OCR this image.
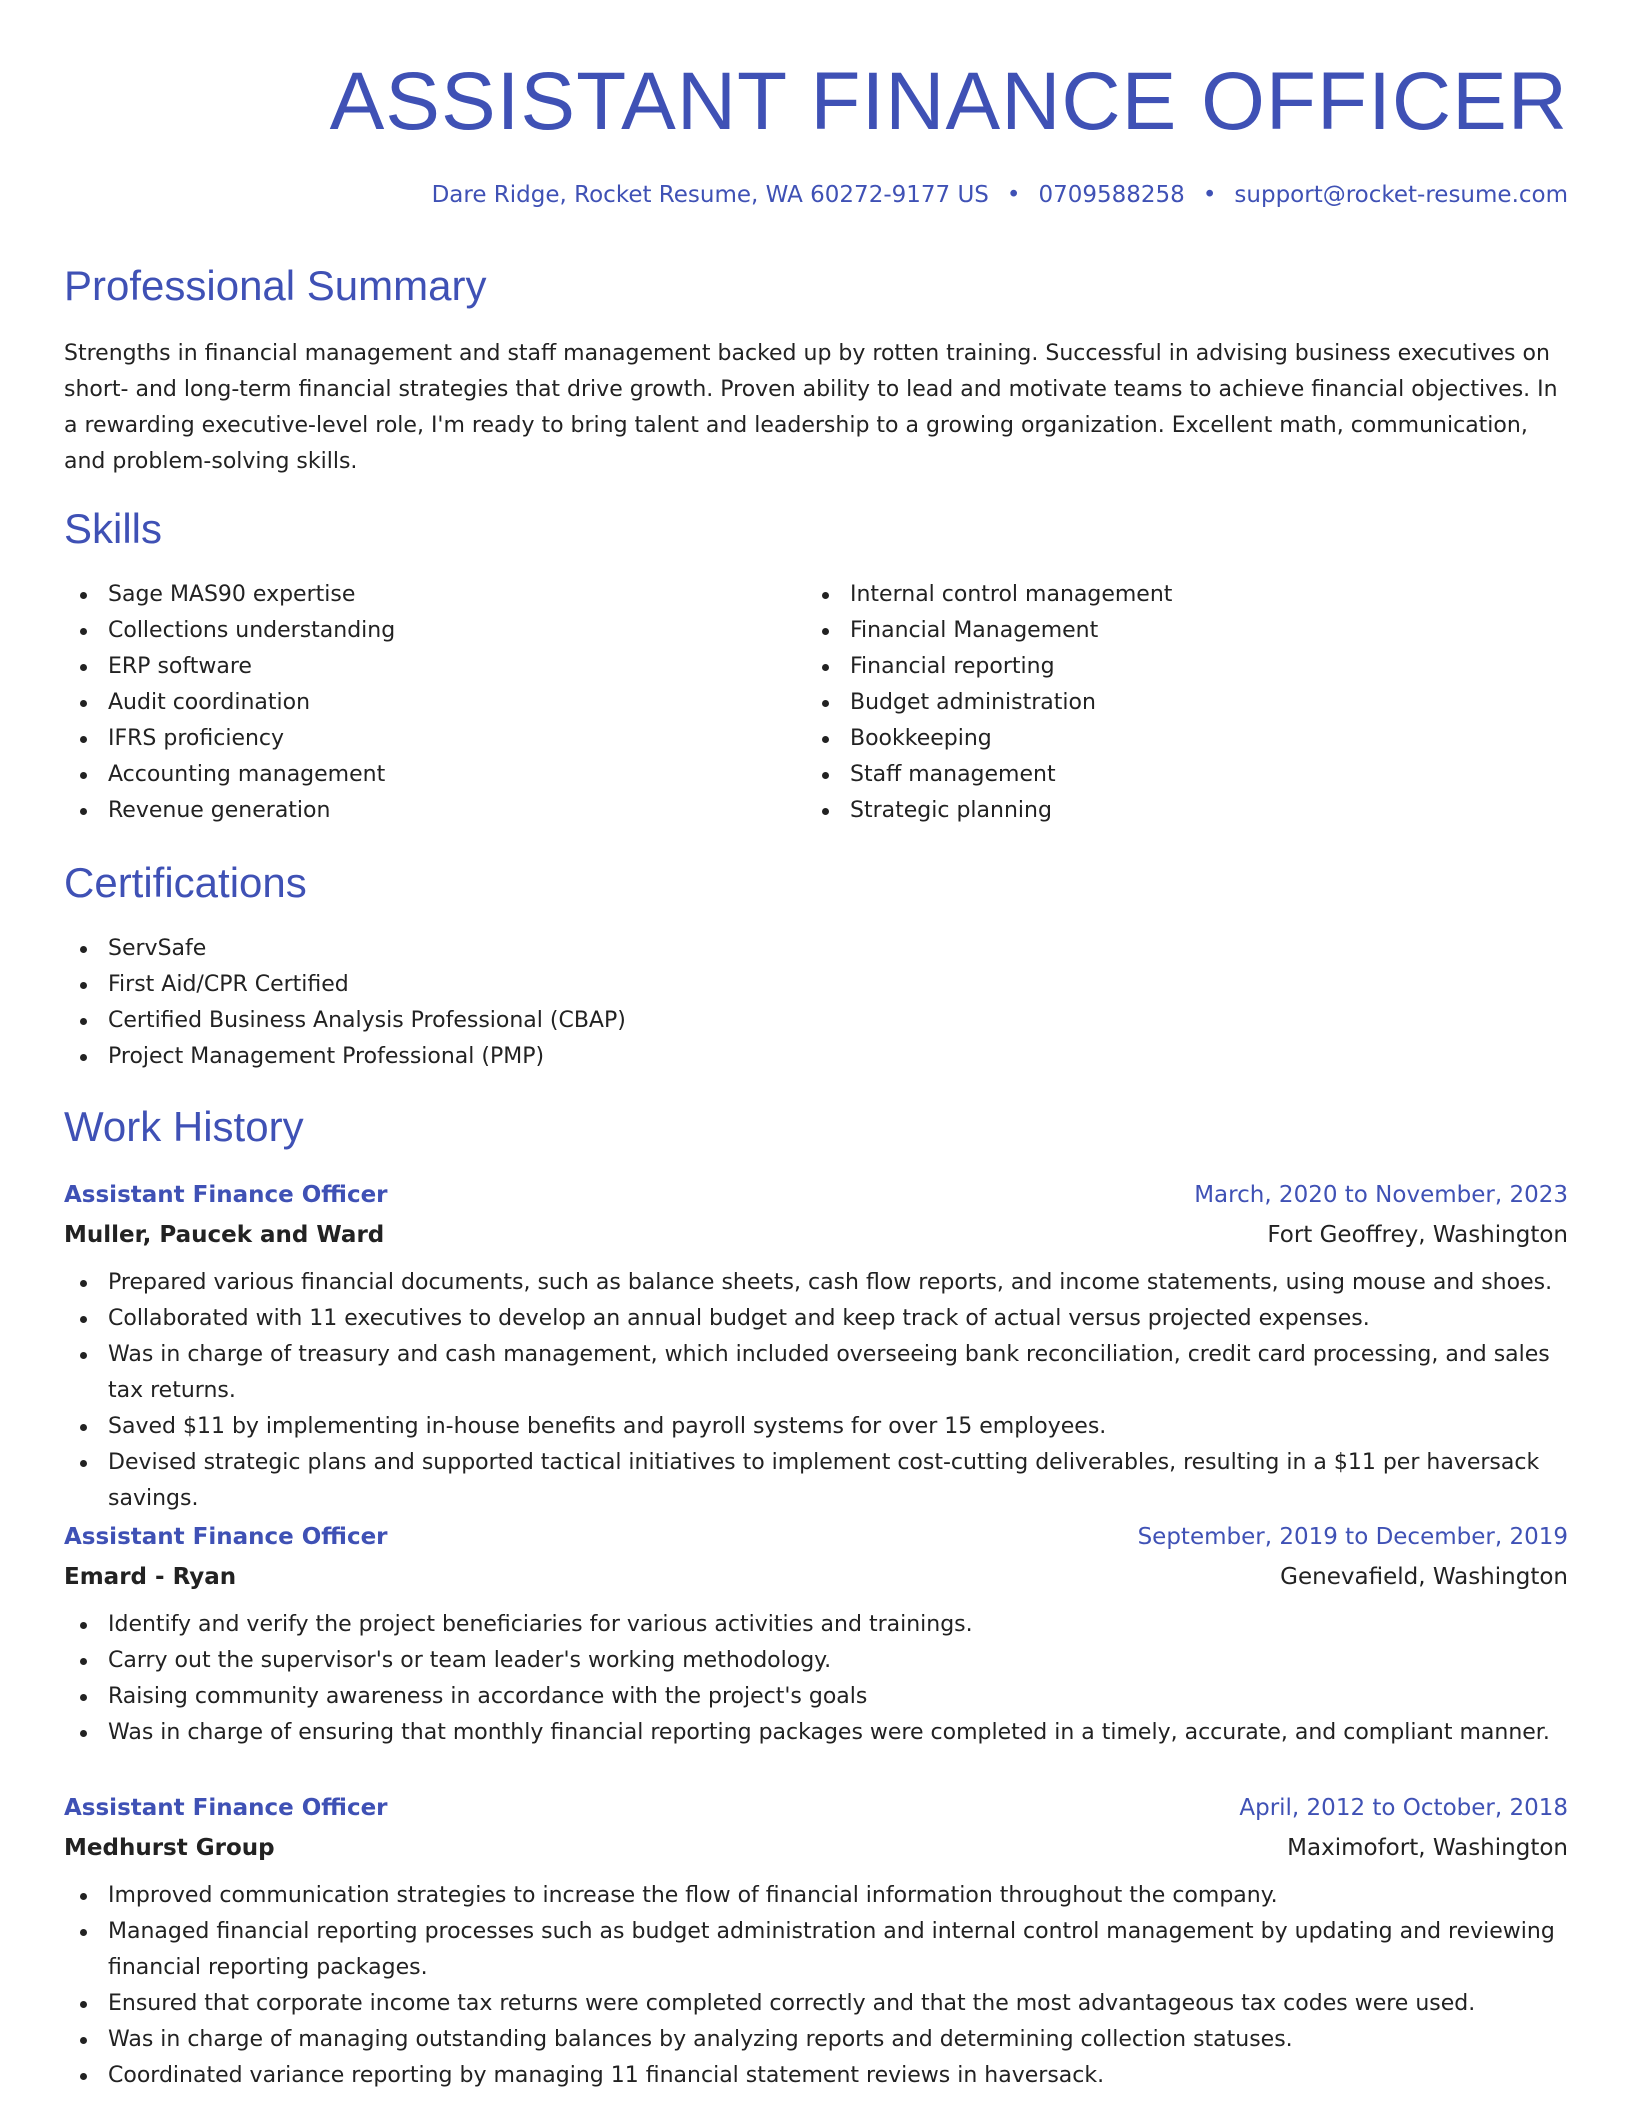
ASSISTANT FINANCE OFFICER

Dare Ridge, Rocket Resume, WA 60272-9177 US • 0709588258 • support@rocket-resume.com

Professional Summary

Strengths in financial management and staff management backed up by rotten training. Successful in advising business executives on short- and long-term financial strategies that drive growth. Proven ability to lead and motivate teams to achieve financial objectives. In a rewarding executive-level role, I'm ready to bring talent and leadership to a growing organization. Excellent math, communication, and problem-solving skills.

Skills
Sage MAS90 expertise
Collections understanding
ERP software
Audit coordination
IFRS proficiency
Accounting management
Revenue generation
Internal control management
Financial Management
Financial reporting
Budget administration
Bookkeeping
Staff management
Strategic planning
Certifications
ServSafe
First Aid/CPR Certified
Certified Business Analysis Professional (CBAP)
Project Management Professional (PMP)
Work History
Assistant Finance Officer	March, 2020 to November, 2023
Muller, Paucek and Ward	Fort Geoffrey, Washington
Prepared various financial documents, such as balance sheets, cash flow reports, and income statements, using mouse and shoes.
Collaborated with 11 executives to develop an annual budget and keep track of actual versus projected expenses.
Was in charge of treasury and cash management, which included overseeing bank reconciliation, credit card processing, and sales tax returns.
Saved $11 by implementing in-house benefits and payroll systems for over 15 employees.
Devised strategic plans and supported tactical initiatives to implement cost-cutting deliverables, resulting in a $11 per haversack savings.
Assistant Finance Officer	September, 2019 to December, 2019
Emard - Ryan	Genevafield, Washington
Identify and verify the project beneficiaries for various activities and trainings.
Carry out the supervisor's or team leader's working methodology.
Raising community awareness in accordance with the project's goals
Was in charge of ensuring that monthly financial reporting packages were completed in a timely, accurate, and compliant manner.
Assistant Finance Officer	April, 2012 to October, 2018
Medhurst Group	Maximofort, Washington
Improved communication strategies to increase the flow of financial information throughout the company.
Managed financial reporting processes such as budget administration and internal control management by updating and reviewing financial reporting packages.
Ensured that corporate income tax returns were completed correctly and that the most advantageous tax codes were used.
Was in charge of managing outstanding balances by analyzing reports and determining collection statuses.
Coordinated variance reporting by managing 11 financial statement reviews in haversack.
